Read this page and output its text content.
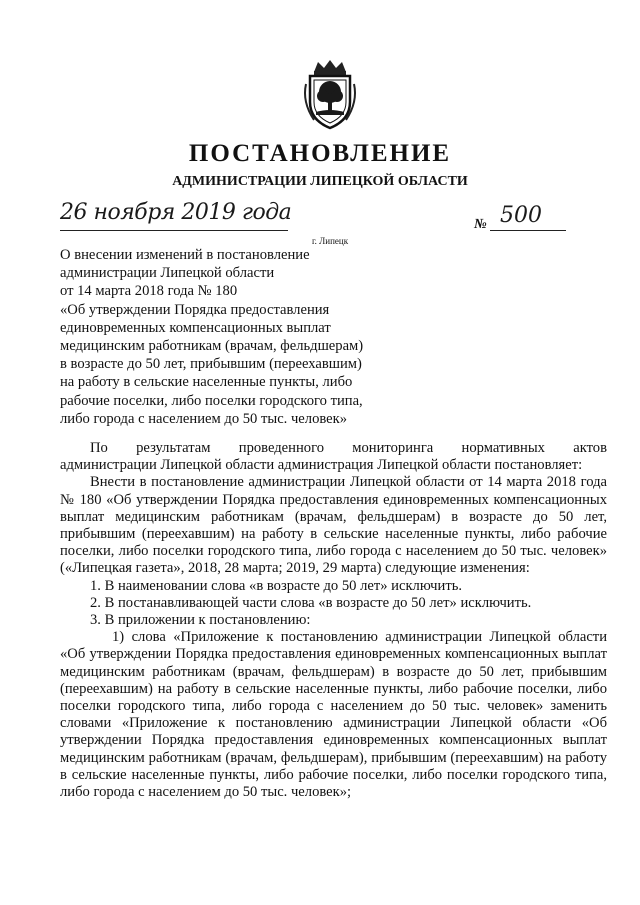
ПОСТАНОВЛЕНИЕ
АДМИНИСТРАЦИИ ЛИПЕЦКОЙ ОБЛАСТИ
26 ноября 2019 года
г. Липецк
№ 500
О внесении изменений в постановление
администрации Липецкой области
от 14 марта 2018 года № 180
«Об утверждении Порядка предоставления
единовременных компенсационных выплат
медицинским работникам (врачам, фельдшерам)
в возрасте до 50 лет, прибывшим (переехавшим)
на работу в сельские населенные пункты, либо
рабочие поселки, либо поселки городского типа,
либо города с населением до 50 тыс. человек»

По результатам проведенного мониторинга нормативных актов

администрации Липецкой области администрация Липецкой области постановляет:

Внести в постановление администрации Липецкой области от 14 марта 2018 года № 180 «Об утверждении Порядка предоставления единовременных компенсационных выплат медицинским работникам (врачам, фельдшерам) в возрасте до 50 лет, прибывшим (переехавшим) на работу в сельские населенные пункты, либо рабочие поселки, либо поселки городского типа, либо города с населением до 50 тыс. человек» («Липецкая газета», 2018, 28 марта; 2019, 29 марта) следующие изменения:

1. В наименовании слова «в возрасте до 50 лет» исключить.

2. В постанавливающей части слова «в возрасте до 50 лет» исключить.

3. В приложении к постановлению:

1) слова «Приложение к постановлению администрации Липецкой области «Об утверждении Порядка предоставления единовременных компенсационных выплат медицинским работникам (врачам, фельдшерам) в возрасте до 50 лет, прибывшим (переехавшим) на работу в сельские населенные пункты, либо рабочие поселки, либо поселки городского типа, либо города с населением до 50 тыс. человек» заменить словами «Приложение к постановлению администрации Липецкой области «Об утверждении Порядка предоставления единовременных компенсационных выплат медицинским работникам (врачам, фельдшерам), прибывшим (переехавшим) на работу в сельские населенные пункты, либо рабочие поселки, либо поселки городского типа, либо города с населением до 50 тыс. человек»;
